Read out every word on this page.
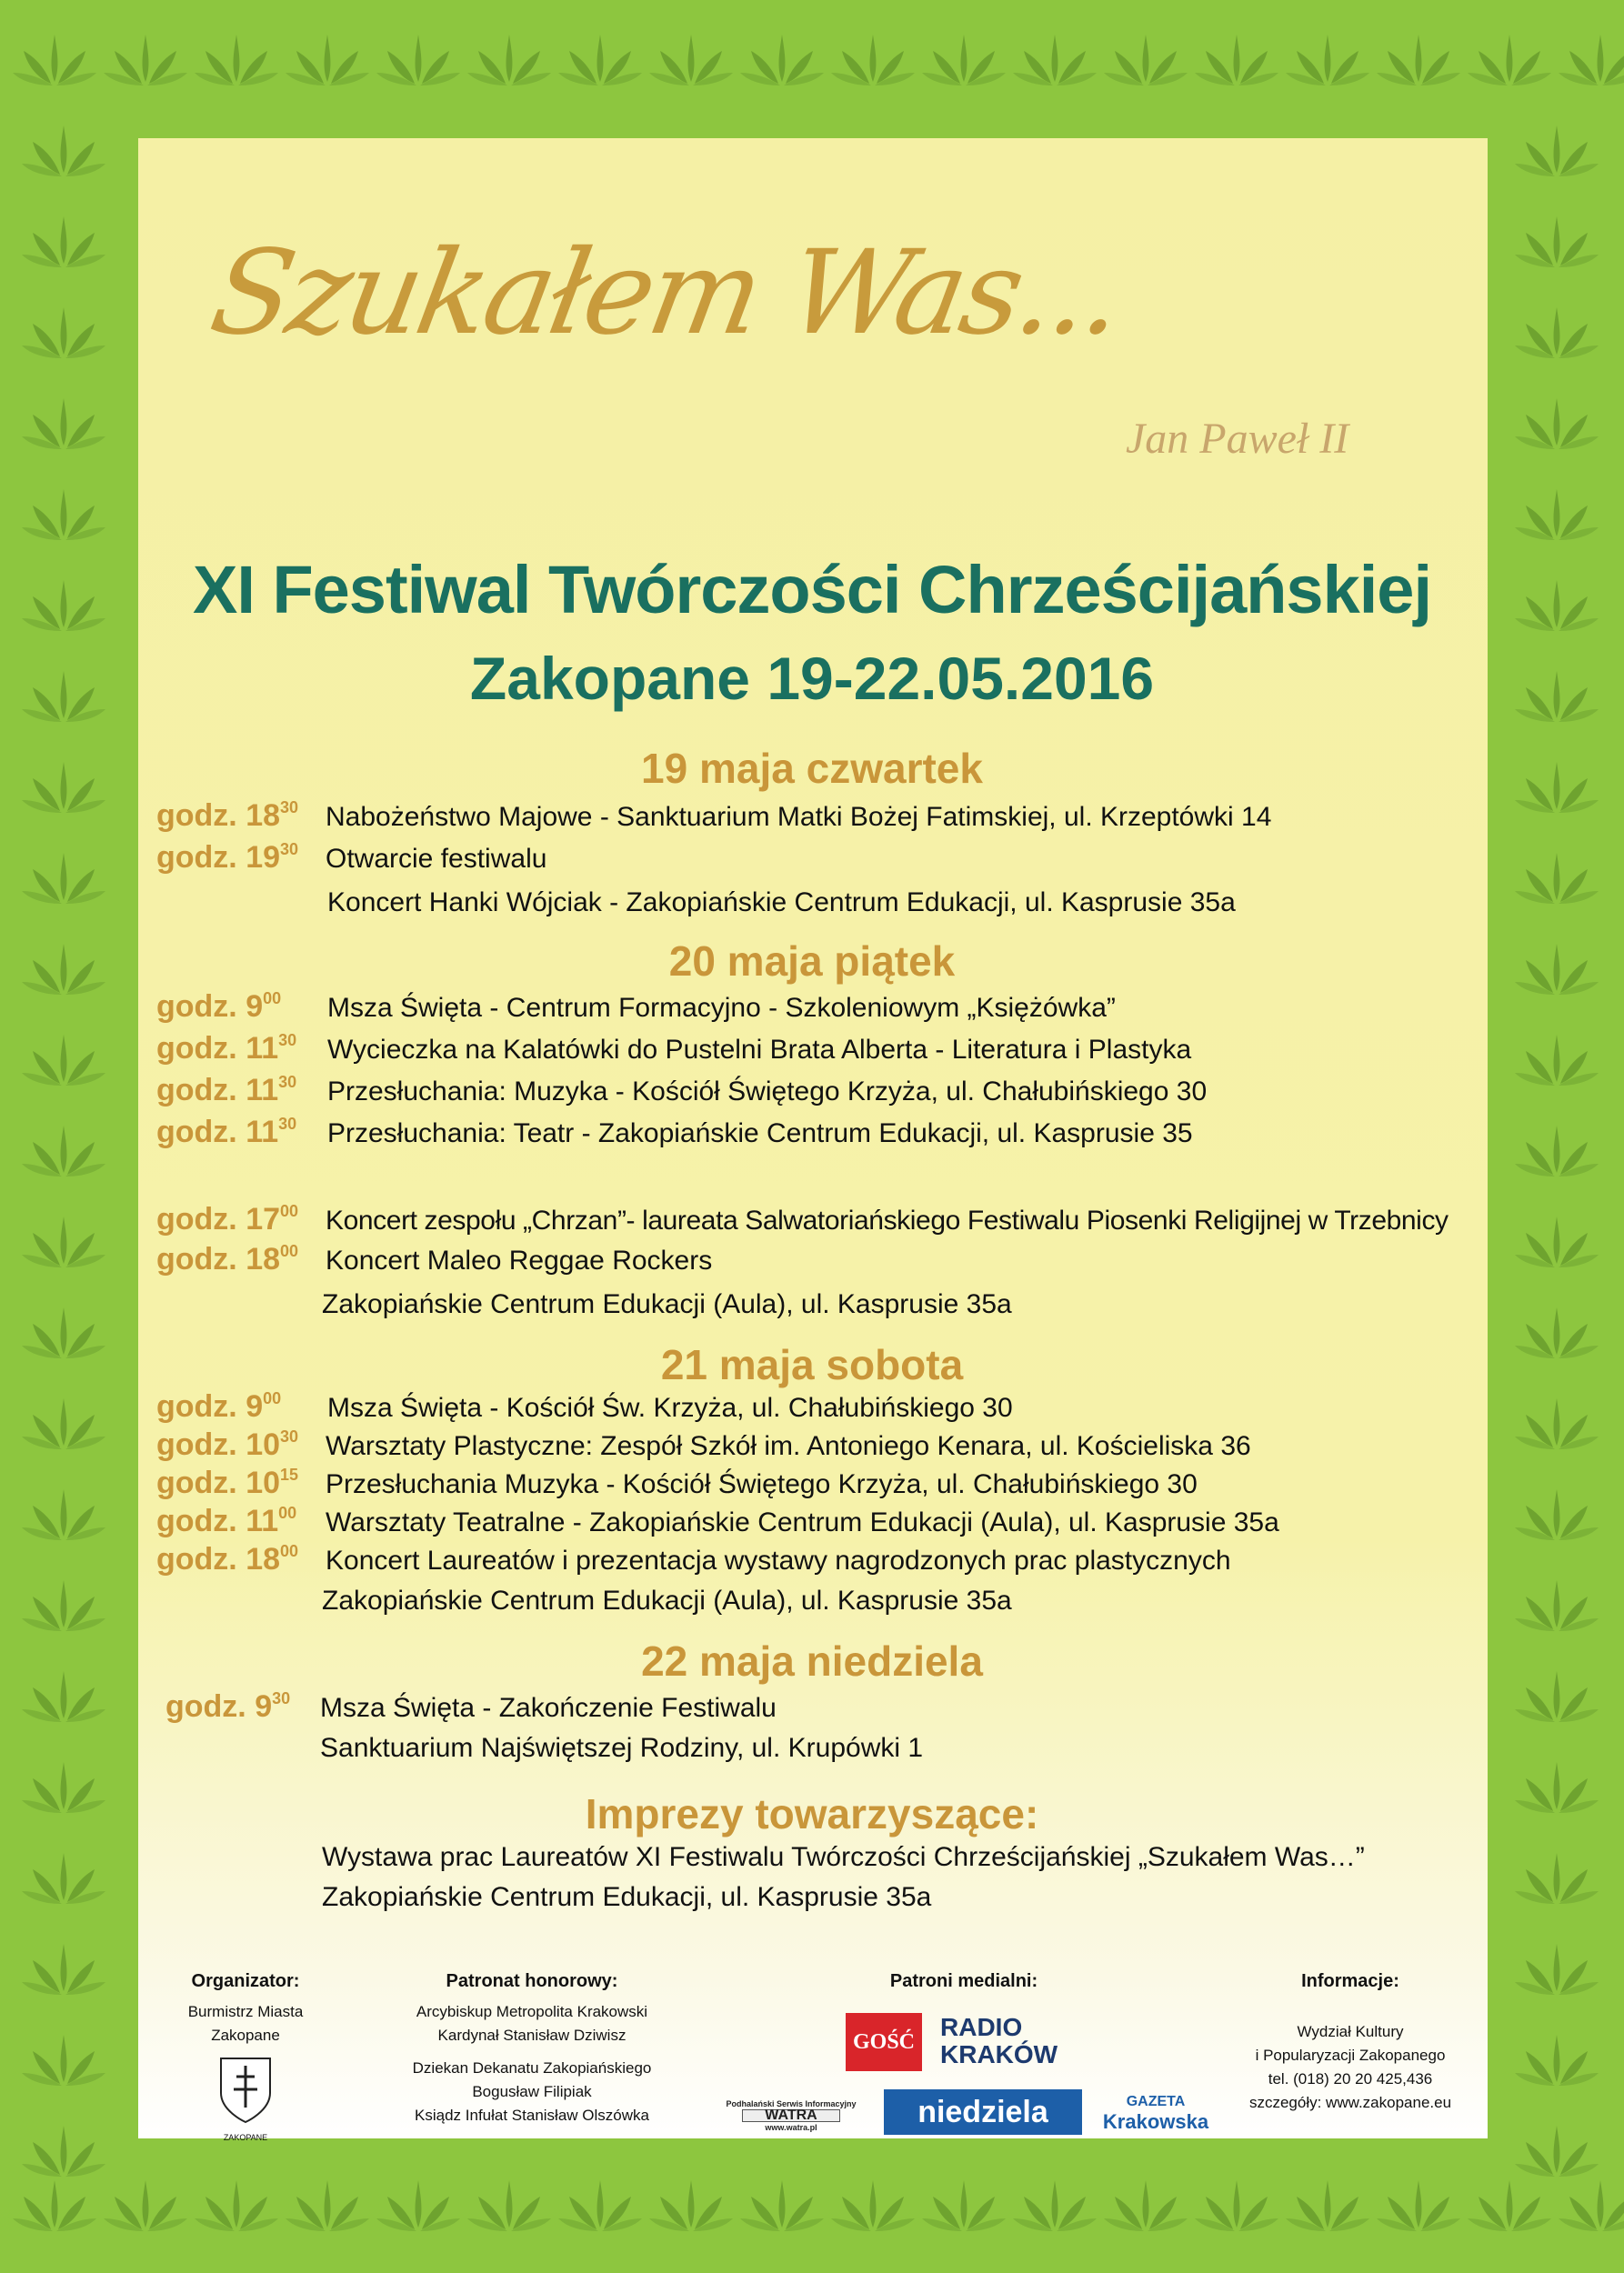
Szukałem Was...
Jan Paweł II
XI Festiwal Twórczości Chrześcijańskiej
Zakopane 19-22.05.2016
19 maja czwartek
godz. $18^{30}$ Nabożeństwo Majowe - Sanktuarium Matki Bożej Fatimskiej, ul. Krzeptówki 14
godz. $19^{30}$ Otwarcie festiwalu
Koncert Hanki Wójciak - Zakopiańskie Centrum Edukacji, ul. Kasprusie 35a
20 maja piątek
godz. $9^{00}$ Msza Święta - Centrum Formacyjno - Szkoleniowym „Księżówka”
godz. $11^{30}$ Wycieczka na Kalatówki do Pustelni Brata Alberta - Literatura i Plastyka
godz. $11^{30}$ Przesłuchania: Muzyka - Kościół Świętego Krzyża, ul. Chałubińskiego 30
godz. $11^{30}$ Przesłuchania: Teatr - Zakopiańskie Centrum Edukacji, ul. Kasprusie 35
godz. $17^{00}$ Koncert zespołu „Chrzan”- laureata Salwatoriańskiego Festiwalu Piosenki Religijnej w Trzebnicy
godz. $18^{00}$ Koncert Maleo Reggae Rockers
Zakopiańskie Centrum Edukacji (Aula), ul. Kasprusie 35a
21 maja sobota
godz. $9^{00}$ Msza Święta - Kościół Św. Krzyża, ul. Chałubińskiego 30
godz. $10^{30}$ Warsztaty Plastyczne: Zespół Szkół im. Antoniego Kenara, ul. Kościeliska 36
godz. $10^{15}$ Przesłuchania Muzyka - Kościół Świętego Krzyża, ul. Chałubińskiego 30
godz. $11^{00}$ Warsztaty Teatralne - Zakopiańskie Centrum Edukacji (Aula), ul. Kasprusie 35a
godz. $18^{00}$ Koncert Laureatów i prezentacja wystawy nagrodzonych prac plastycznych
Zakopiańskie Centrum Edukacji (Aula), ul. Kasprusie 35a
22 maja niedziela
godz. $9^{30}$ Msza Święta - Zakończenie Festiwalu
Sanktuarium Najświętszej Rodziny, ul. Krupówki 1
Imprezy towarzyszące:
Wystawa prac Laureatów XI Festiwalu Twórczości Chrześcijańskiej „Szukałem Was…”
Zakopiańskie Centrum Edukacji, ul. Kasprusie 35a
Organizator:
Burmistrz Miasta
Zakopane
ZAKOPANE
Patronat honorowy:
Arcybiskup Metropolita Krakowski
Kardynał Stanisław Dziwisz
Dziekan Dekanatu Zakopiańskiego
Bogusław Filipiak
Ksiądz Infułat Stanisław Olszówka
Patroni medialni:
GOŚĆ
RADIO
KRAKÓW
Podhalański Serwis Informacyjny
WATRA
www.watra.pl	niedziela	GAZETA
Krakowska
Informacje:
Wydział Kultury
i Popularyzacji Zakopanego
tel. (018) 20 20 425,436
szczegóły: www.zakopane.eu
